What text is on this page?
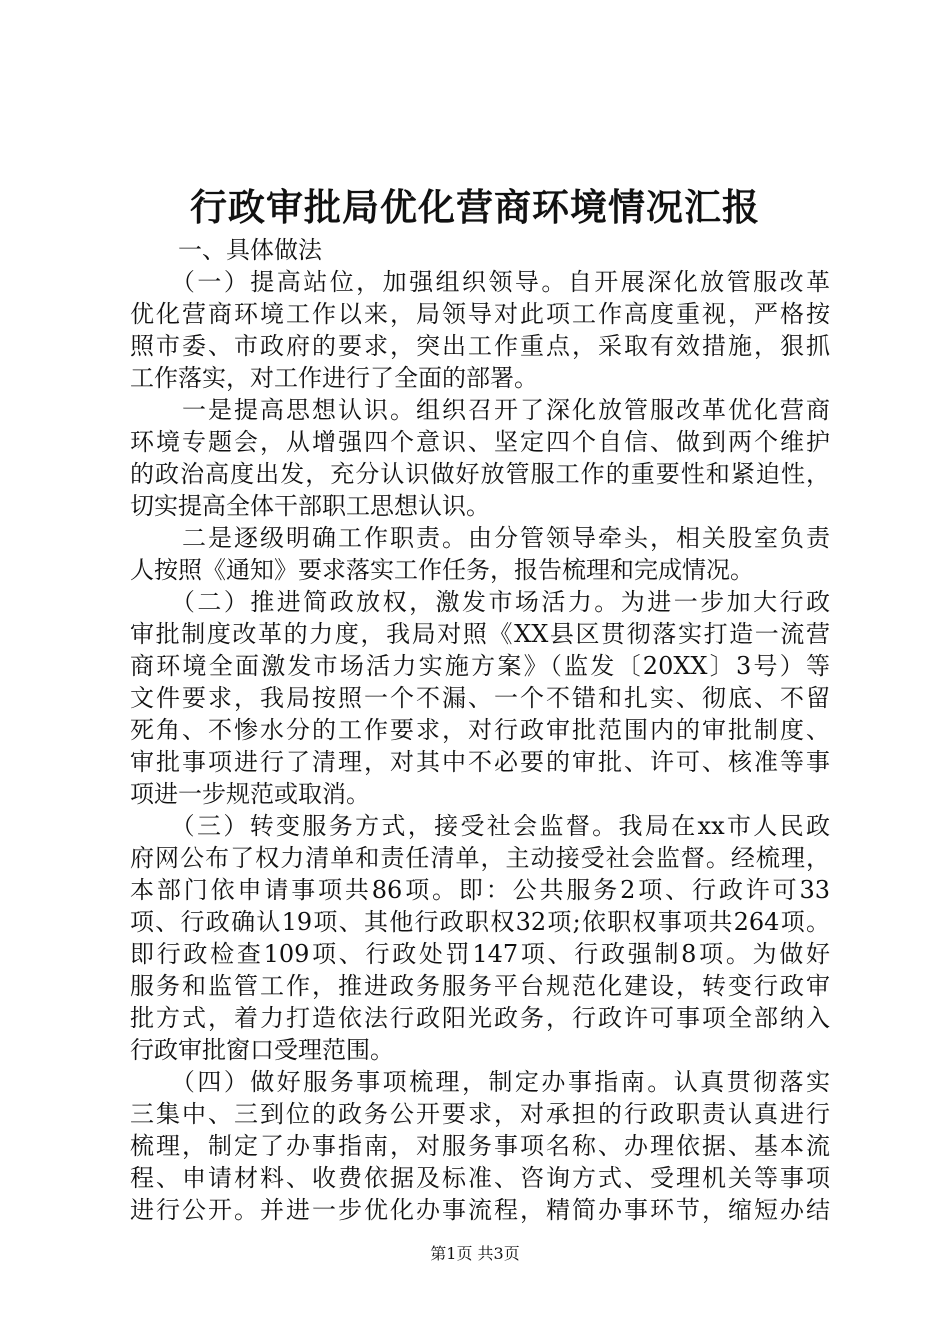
行政审批局优化营商环境情况汇报
　　一、具体做法
　　（一）提高站位，加强组织领导。自开展深化放管服改革
优化营商环境工作以来，局领导对此项工作高度重视，严格按
照市委、市政府的要求，突出工作重点，采取有效措施，狠抓
工作落实，对工作进行了全面的部署。
　　一是提高思想认识。组织召开了深化放管服改革优化营商
环境专题会，从增强四个意识、坚定四个自信、做到两个维护
的政治高度出发，充分认识做好放管服工作的重要性和紧迫性，
切实提高全体干部职工思想认识。
　　二是逐级明确工作职责。由分管领导牵头，相关股室负责
人按照《通知》要求落实工作任务，报告梳理和完成情况。
　　（二）推进简政放权，激发市场活力。为进一步加大行政
审批制度改革的力度，我局对照《XX县区贯彻落实打造一流营
商环境全面激发市场活力实施方案》（监发〔20XX〕3号）等
文件要求，我局按照一个不漏、一个不错和扎实、彻底、不留
死角、不惨水分的工作要求，对行政审批范围内的审批制度、
审批事项进行了清理，对其中不必要的审批、许可、核准等事
项进一步规范或取消。
　　（三）转变服务方式，接受社会监督。我局在xx市人民政
府网公布了权力清单和责任清单，主动接受社会监督。经梳理，
本部门依申请事项共86项。即：公共服务2项、行政许可33
项、行政确认19项、其他行政职权32项;依职权事项共264项。
即行政检查109项、行政处罚147项、行政强制8项。为做好
服务和监管工作，推进政务服务平台规范化建设，转变行政审
批方式，着力打造依法行政阳光政务，行政许可事项全部纳入
行政审批窗口受理范围。
　　（四）做好服务事项梳理，制定办事指南。认真贯彻落实
三集中、三到位的政务公开要求，对承担的行政职责认真进行
梳理，制定了办事指南，对服务事项名称、办理依据、基本流
程、申请材料、收费依据及标准、咨询方式、受理机关等事项
进行公开。并进一步优化办事流程，精简办事环节，缩短办结
第1页 共3页
